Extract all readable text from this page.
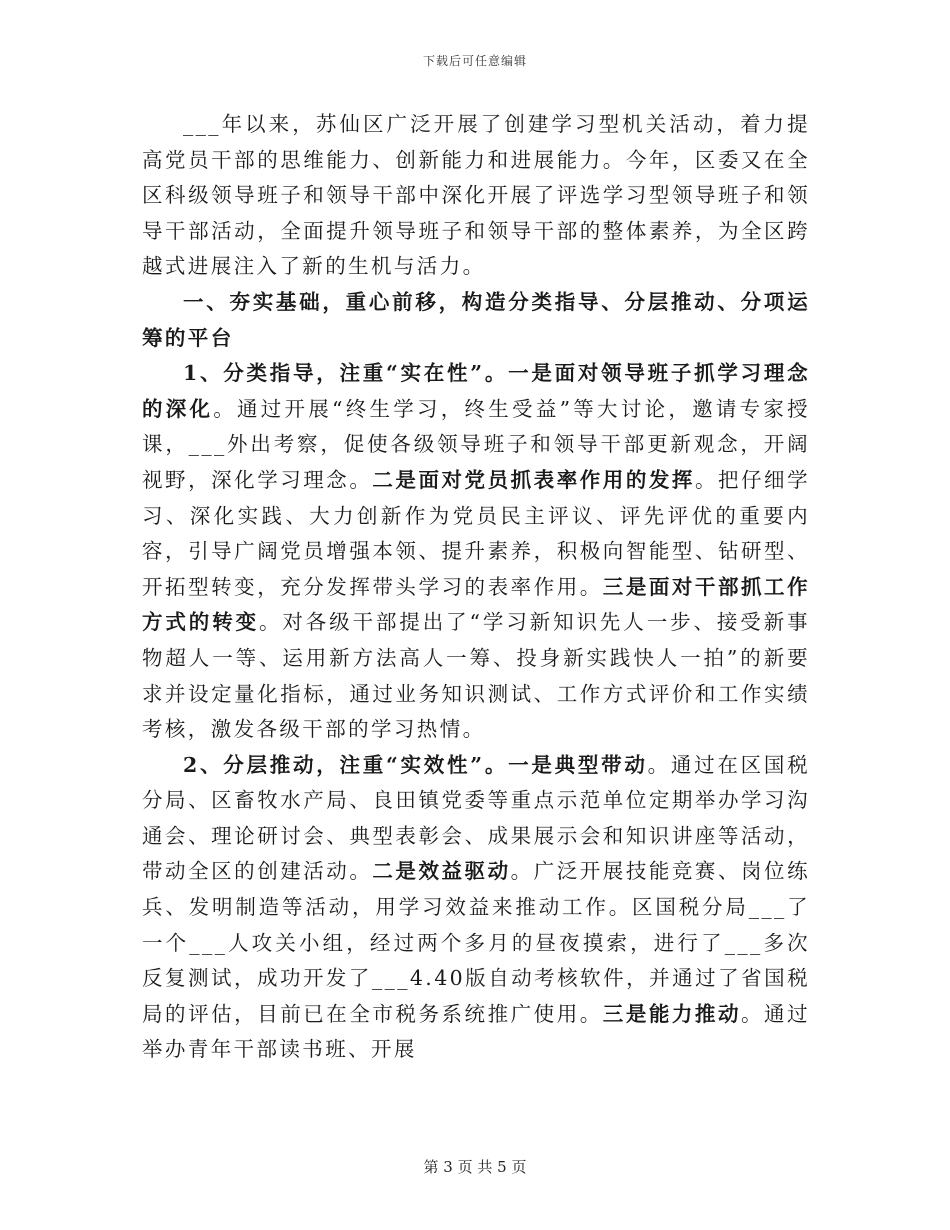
下载后可任意编辑

___年以来，苏仙区广泛开展了创建学习型机关活动，着力提高党员干部的思维能力、创新能力和进展能力。今年，区委又在全区科级领导班子和领导干部中深化开展了评选学习型领导班子和领导干部活动，全面提升领导班子和领导干部的整体素养，为全区跨越式进展注入了新的生机与活力。

一、夯实基础，重心前移，构造分类指导、分层推动、分项运筹的平台

1、分类指导，注重“实在性”。一是面对领导班子抓学习理念的深化。通过开展“终生学习，终生受益”等大讨论，邀请专家授课，___外出考察，促使各级领导班子和领导干部更新观念，开阔视野，深化学习理念。二是面对党员抓表率作用的发挥。把仔细学习、深化实践、大力创新作为党员民主评议、评先评优的重要内容，引导广阔党员增强本领、提升素养，积极向智能型、钻研型、开拓型转变，充分发挥带头学习的表率作用。三是面对干部抓工作方式的转变。对各级干部提出了“学习新知识先人一步、接受新事物超人一等、运用新方法高人一筹、投身新实践快人一拍”的新要求并设定量化指标，通过业务知识测试、工作方式评价和工作实绩考核，激发各级干部的学习热情。

2、分层推动，注重“实效性”。一是典型带动。通过在区国税分局、区畜牧水产局、良田镇党委等重点示范单位定期举办学习沟通会、理论研讨会、典型表彰会、成果展示会和知识讲座等活动，带动全区的创建活动。二是效益驱动。广泛开展技能竞赛、岗位练兵、发明制造等活动，用学习效益来推动工作。区国税分局___了一个___人攻关小组，经过两个多月的昼夜摸索，进行了___多次反复测试，成功开发了___4.40版自动考核软件，并通过了省国税局的评估，目前已在全市税务系统推广使用。三是能力推动。通过举办青年干部读书班、开展

第 3 页 共 5 页
